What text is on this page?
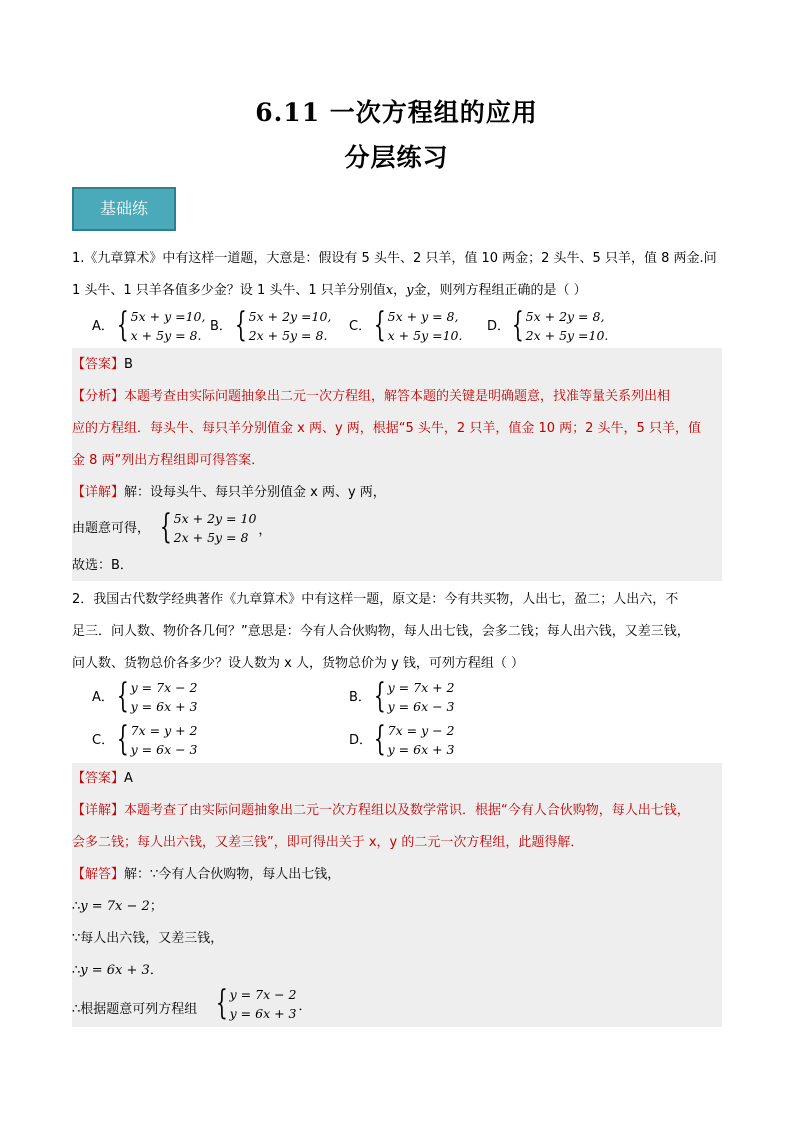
6.11 一次方程组的应用
分层练习
基础练
1.《九章算术》中有这样一道题，大意是：假设有 5 头牛、2 只羊，值 10 两金；2 头牛、5 只羊，值 8 两金.问
1 头牛、1 只羊各值多少金？设 1 头牛、1 只羊分别值x，y金，则列方程组正确的是（ ）
A． { 5x + y =10,
x + 5y = 8.
B． { 5x + 2y =10,
2x + 5y = 8.
C． { 5x + y = 8,
x + 5y =10.
D． { 5x + 2y = 8,
2x + 5y =10.
【答案】B
【分析】本题考查由实际问题抽象出二元一次方程组，解答本题的关键是明确题意，找准等量关系列出相
应的方程组．每头牛、每只羊分别值金 x 两、y 两，根据“5 头牛，2 只羊，值金 10 两；2 头牛，5 只羊，值
金 8 两”列出方程组即可得答案．
【详解】解：设每头牛、每只羊分别值金 x 两、y 两，
由题意可得， { 5x + 2y = 10
2x + 5y = 8 ，
故选：B．
2．我国古代数学经典著作《九章算术》中有这样一题，原文是：今有共买物，人出七，盈二；人出六，不
足三．问人数、物价各几何？”意思是：今有人合伙购物，每人出七钱，会多二钱；每人出六钱，又差三钱，
问人数、货物总价各多少？设人数为 x 人，货物总价为 y 钱，可列方程组（ ）
A． { y = 7x − 2
y = 6x + 3
B． { y = 7x + 2
y = 6x − 3
C． { 7x = y + 2
y = 6x − 3
D． { 7x = y − 2
y = 6x + 3
【答案】A
【详解】本题考查了由实际问题抽象出二元一次方程组以及数学常识．根据“今有人合伙购物，每人出七钱，
会多二钱；每人出六钱，又差三钱”，即可得出关于 x，y 的二元一次方程组，此题得解．
【解答】解：∵今有人合伙购物，每人出七钱，
∴y = 7x − 2；
∵每人出六钱，又差三钱，
∴y = 6x + 3．
∴根据题意可列方程组 { y = 7x − 2
y = 6x + 3 ．
